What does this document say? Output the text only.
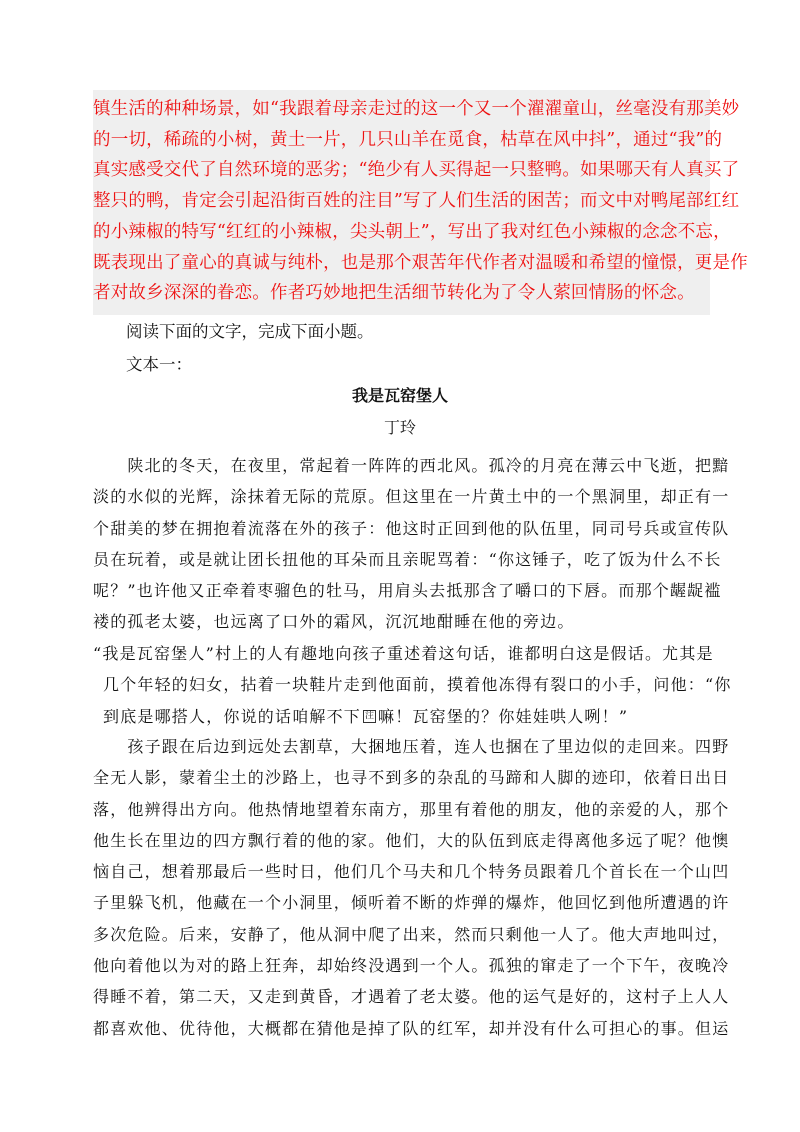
镇生活的种种场景，如“我跟着母亲走过的这一个又一个濯濯童山，丝毫没有那美妙
的一切，稀疏的小树，黄土一片，几只山羊在觅食，枯草在风中抖”，通过“我”的
真实感受交代了自然环境的恶劣；“绝少有人买得起一只整鸭。如果哪天有人真买了
整只的鸭，肯定会引起沿街百姓的注目”写了人们生活的困苦；而文中对鸭尾部红红
的小辣椒的特写“红红的小辣椒，尖头朝上”，写出了我对红色小辣椒的念念不忘，
既表现出了童心的真诚与纯朴，也是那个艰苦年代作者对温暖和希望的憧憬，更是作
者对故乡深深的眷恋。作者巧妙地把生活细节转化为了令人萦回情肠的怀念。
阅读下面的文字，完成下面小题。
文本一：
我是瓦窑堡人
丁玲
　　陕北的冬天，在夜里，常起着一阵阵的西北风。孤冷的月亮在薄云中飞逝，把黯
淡的水似的光辉，涂抹着无际的荒原。但这里在一片黄土中的一个黑洞里，却正有一
个甜美的梦在拥抱着流落在外的孩子：他这时正回到他的队伍里，同司号兵或宣传队
员在玩着，或是就让团长扭他的耳朵而且亲昵骂着：“你这锤子，吃了饭为什么不长
呢？”也许他又正牵着枣骝色的牡马，用肩头去抵那含了嚼口的下唇。而那个龌龊褴
褛的孤老太婆，也远离了口外的霜风，沉沉地酣睡在他的旁边。
“我是瓦窑堡人”村上的人有趣地向孩子重述着这句话，谁都明白这是假话。尤其是
几个年轻的妇女，拈着一块鞋片走到他面前，摸着他冻得有裂口的小手，问他：“你
到底是哪搭人，你说的话咱解不下 注 嘛！瓦窑堡的？你娃娃哄人咧！”
　　孩子跟在后边到远处去割草，大捆地压着，连人也捆在了里边似的走回来。四野
全无人影，蒙着尘土的沙路上，也寻不到多的杂乱的马蹄和人脚的迹印，依着日出日
落，他辨得出方向。他热情地望着东南方，那里有着他的朋友，他的亲爱的人，那个
他生长在里边的四方飘行着的他的家。他们，大的队伍到底走得离他多远了呢？他懊
恼自己，想着那最后一些时日，他们几个马夫和几个特务员跟着几个首长在一个山凹
子里躲飞机，他藏在一个小洞里，倾听着不断的炸弹的爆炸，他回忆到他所遭遇的许
多次危险。后来，安静了，他从洞中爬了出来，然而只剩他一人了。他大声地叫过，
他向着他以为对的路上狂奔，却始终没遇到一个人。孤独的窜走了一个下午，夜晚冷
得睡不着，第二天，又走到黄昏，才遇着了老太婆。他的运气是好的，这村子上人人
都喜欢他、优待他，大概都在猜他是掉了队的红军，却并没有什么可担心的事。但运
